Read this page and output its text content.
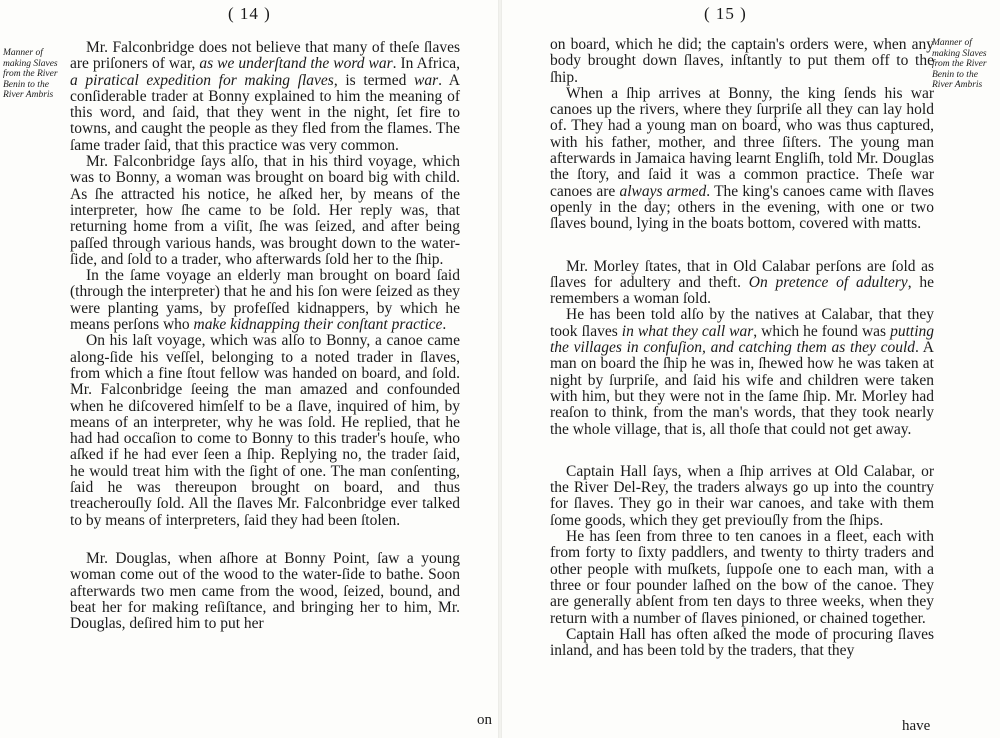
( 14 )
Manner of making Slaves from the River Benin to the River Ambris

Mr. Falconbridge does not believe that many of theſe ſlaves are priſoners of war, as we underſtand the word war. In Africa, a piratical expedition for making ſlaves, is termed war. A conſiderable trader at Bonny explained to him the meaning of this word, and ſaid, that they went in the night, ſet fire to towns, and caught the people as they fled from the flames. The ſame trader ſaid, that this practice was very common.

Mr. Falconbridge ſays alſo, that in his third voyage, which was to Bonny, a woman was brought on board big with child. As ſhe attracted his notice, he aſked her, by means of the interpreter, how ſhe came to be ſold. Her reply was, that returning home from a viſit, ſhe was ſeized, and after being paſſed through various hands, was brought down to the water-ſide, and ſold to a trader, who afterwards ſold her to the ſhip.

In the ſame voyage an elderly man brought on board ſaid (through the interpreter) that he and his ſon were ſeized as they were planting yams, by profeſſed kidnappers, by which he means perſons who make kidnapping their conſtant practice.

On his laſt voyage, which was alſo to Bonny, a canoe came along-ſide his veſſel, belonging to a noted trader in ſlaves, from which a fine ſtout fellow was handed on board, and ſold. Mr. Falconbridge ſeeing the man amazed and confounded when he diſcovered himſelf to be a ſlave, inquired of him, by means of an interpreter, why he was ſold. He replied, that he had had occaſion to come to Bonny to this trader's houſe, who aſked if he had ever ſeen a ſhip. Replying no, the trader ſaid, he would treat him with the ſight of one. The man conſenting, ſaid he was thereupon brought on board, and thus treacherouſly ſold. All the ſlaves Mr. Falconbridge ever talked to by means of interpreters, ſaid they had been ſtolen.

Mr. Douglas, when aſhore at Bonny Point, ſaw a young woman come out of the wood to the water-ſide to bathe. Soon afterwards two men came from the wood, ſeized, bound, and beat her for making reſiſtance, and bringing her to him, Mr. Douglas, deſired him to put her

on
( 15 )
Manner of making Slaves from the River Benin to the River Ambris

on board, which he did; the captain's orders were, when any body brought down ſlaves, inſtantly to put them off to the ſhip.

When a ſhip arrives at Bonny, the king ſends his war canoes up the rivers, where they ſurpriſe all they can lay hold of. They had a young man on board, who was thus captured, with his father, mother, and three ſiſters. The young man afterwards in Jamaica having learnt Engliſh, told Mr. Douglas the ſtory, and ſaid it was a common practice. Theſe war canoes are always armed. The king's canoes came with ſlaves openly in the day; others in the evening, with one or two ſlaves bound, lying in the boats bottom, covered with matts.

Mr. Morley ſtates, that in Old Calabar perſons are ſold as ſlaves for adultery and theft. On pretence of adultery, he remembers a woman ſold.

He has been told alſo by the natives at Calabar, that they took ſlaves in what they call war, which he found was putting the villages in confuſion, and catching them as they could. A man on board the ſhip he was in, ſhewed how he was taken at night by ſurpriſe, and ſaid his wife and children were taken with him, but they were not in the ſame ſhip. Mr. Morley had reaſon to think, from the man's words, that they took nearly the whole village, that is, all thoſe that could not get away.

Captain Hall ſays, when a ſhip arrives at Old Calabar, or the River Del-Rey, the traders always go up into the country for ſlaves. They go in their war canoes, and take with them ſome goods, which they get previouſly from the ſhips.

He has ſeen from three to ten canoes in a fleet, each with from forty to ſixty paddlers, and twenty to thirty traders and other people with muſkets, ſuppoſe one to each man, with a three or four pounder laſhed on the bow of the canoe. They are generally abſent from ten days to three weeks, when they return with a number of ſlaves pinioned, or chained together.

Captain Hall has often aſked the mode of procuring ſlaves inland, and has been told by the traders, that they

have
